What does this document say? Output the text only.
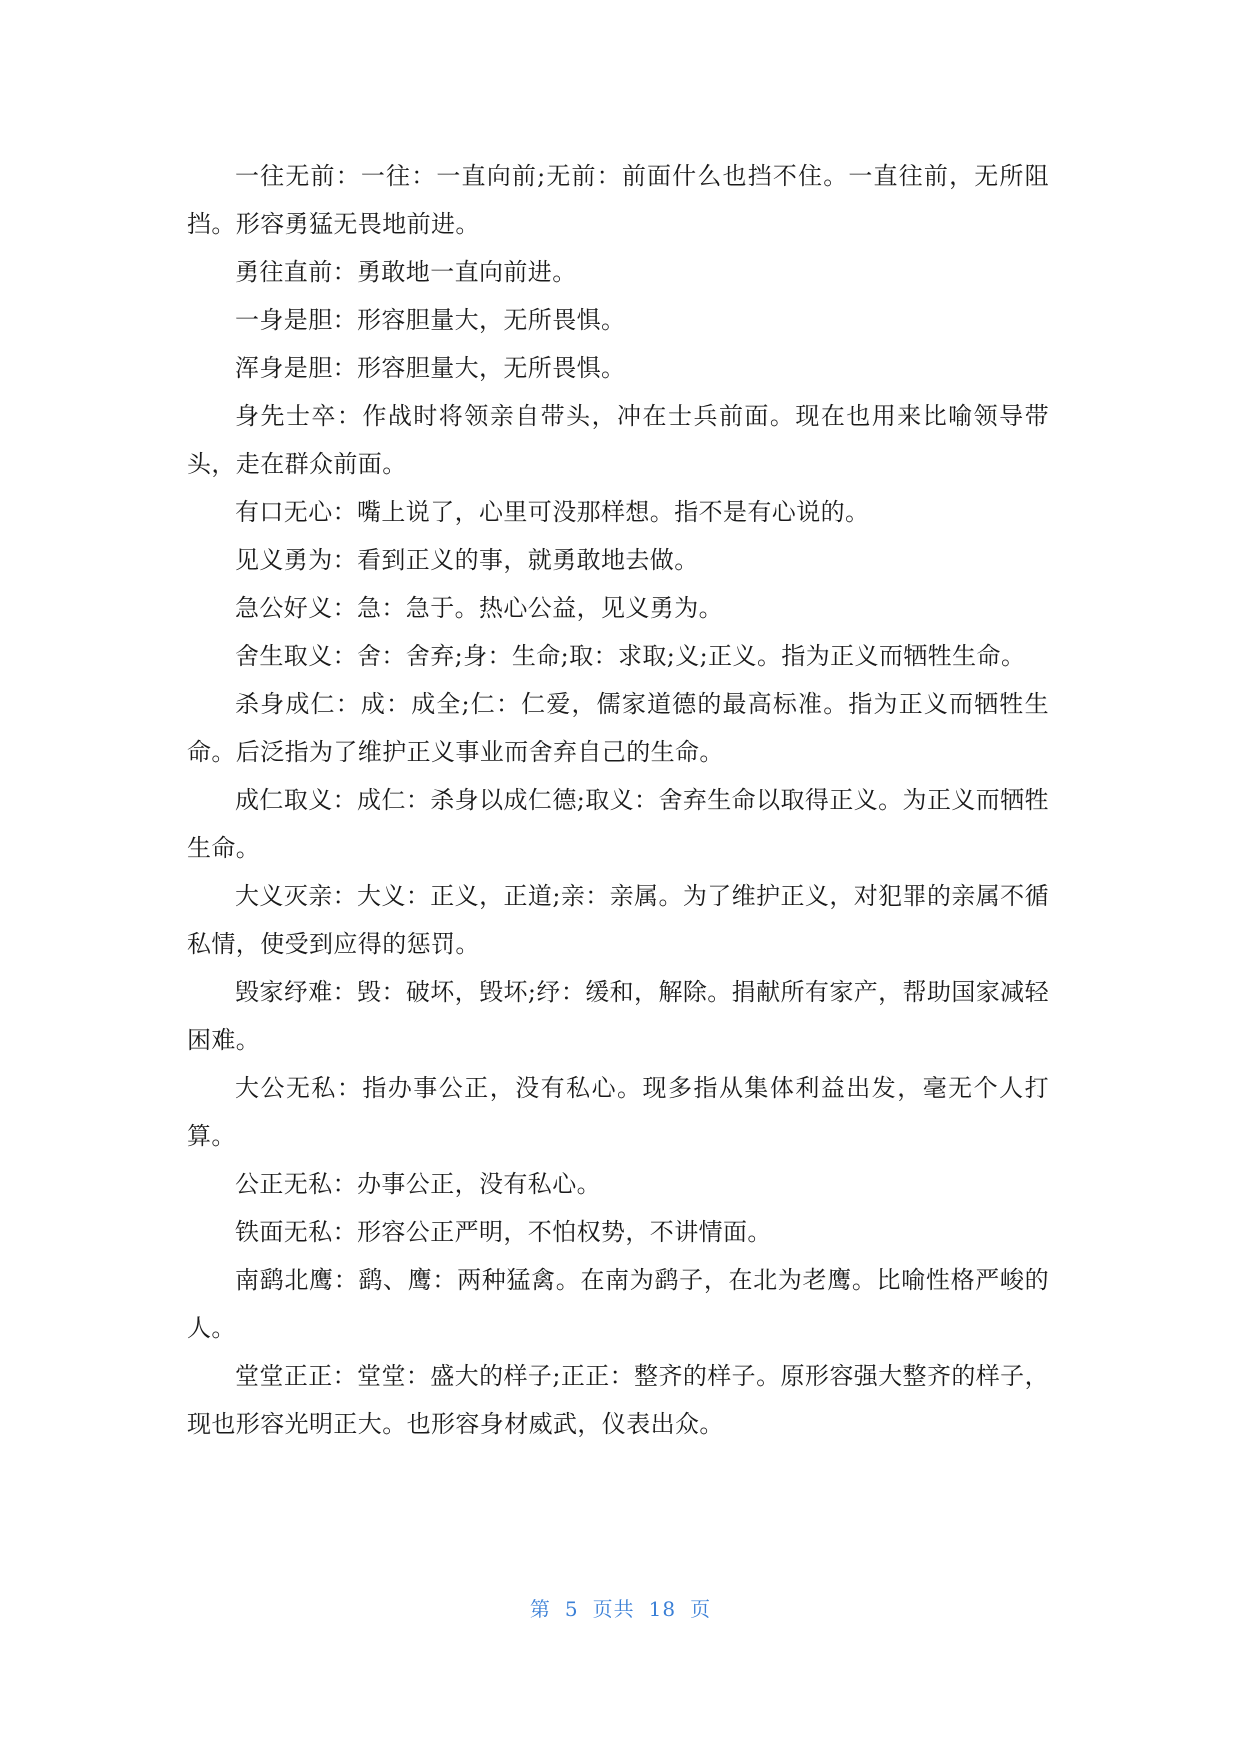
一往无前：一往：一直向前;无前：前面什么也挡不住。一直往前，无所阻挡。形容勇猛无畏地前进。

勇往直前：勇敢地一直向前进。

一身是胆：形容胆量大，无所畏惧。

浑身是胆：形容胆量大，无所畏惧。

身先士卒：作战时将领亲自带头，冲在士兵前面。现在也用来比喻领导带头，走在群众前面。

有口无心：嘴上说了，心里可没那样想。指不是有心说的。

见义勇为：看到正义的事，就勇敢地去做。

急公好义：急：急于。热心公益，见义勇为。

舍生取义：舍：舍弃;身：生命;取：求取;义;正义。指为正义而牺牲生命。

杀身成仁：成：成全;仁：仁爱，儒家道德的最高标准。指为正义而牺牲生命。后泛指为了维护正义事业而舍弃自己的生命。

成仁取义：成仁：杀身以成仁德;取义：舍弃生命以取得正义。为正义而牺牲生命。

大义灭亲：大义：正义，正道;亲：亲属。为了维护正义，对犯罪的亲属不循私情，使受到应得的惩罚。

毁家纾难：毁：破坏，毁坏;纾：缓和，解除。捐献所有家产，帮助国家减轻困难。

大公无私：指办事公正，没有私心。现多指从集体利益出发，毫无个人打算。

公正无私：办事公正，没有私心。

铁面无私：形容公正严明，不怕权势，不讲情面。

南鹞北鹰：鹞、鹰：两种猛禽。在南为鹞子，在北为老鹰。比喻性格严峻的人。

堂堂正正：堂堂：盛大的样子;正正：整齐的样子。原形容强大整齐的样子，现也形容光明正大。也形容身材威武，仪表出众。

第 5 页共 18 页
